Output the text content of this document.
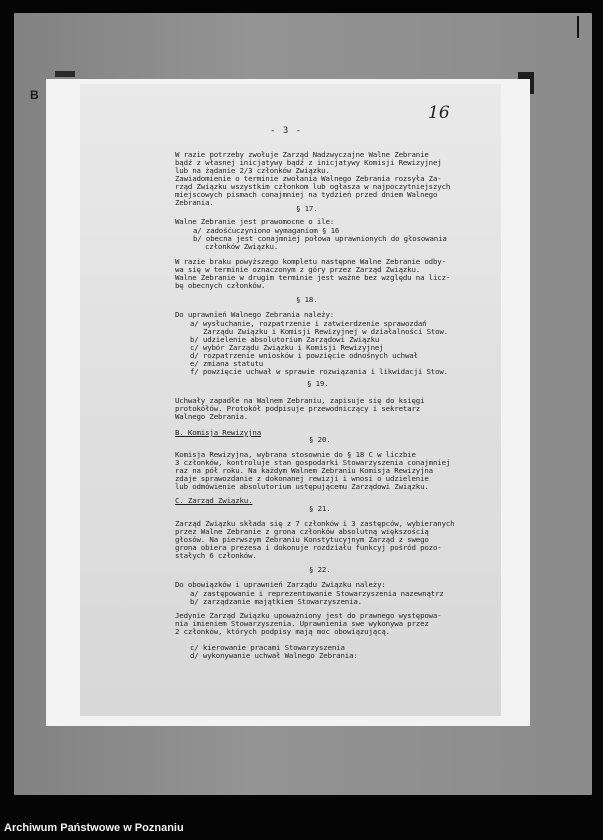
B
16
- 3 -
W razie potrzeby zwołuje Zarząd Nadzwyczajne Walne Zebranie
bądź z własnej inicjatywy bądź z inicjatywy Komisji Rewizyjnej
lub na żądanie 2/3 członków Związku.
Zawiadomienie o terminie zwołania Walnego Zebrania rozsyła Za-
rząd Związku wszystkim członkom lub ogłasza w najpoczytniejszych
miejscowych pismach conajmniej na tydzień przed dniem Walnego
Zebrania.
§ 17.
Walne Zebranie jest prawomocne o ile:
a/ zadośćuczyniono wymaganiom § 16
b/ obecna jest conajmniej połowa uprawnionych do głosowania
członków Związku.
W razie braku powyższego kompletu następne Walne Zebranie odby-
wa się w terminie oznaczonym z góry przez Zarząd Związku.
Walne Zebranie w drugim terminie jest ważne bez względu na licz-
bę obecnych członków.
§ 18.
Do uprawnień Walnego Zebrania należy:
a/ wysłuchanie, rozpatrzenie i zatwierdzenie sprawozdań
Zarządu Związku i Komisji Rewizyjnej w działalności Stow.
b/ udzielenie absolutorium Zarządowi Związku
c/ wybór Zarządu Związku i Komisji Rewizyjnej
d/ rozpatrzenie wniosków i powzięcie odnośnych uchwał
e/ zmiana statutu
f/ powzięcie uchwał w sprawie rozwiązania i likwidacji Stow.
§ 19.
Uchwały zapadłe na Walnem Zebraniu, zapisuje się do księgi
protokółów. Protokół podpisuje przewodniczący i sekretarz
Walnego Zebrania.
B. Komisja Rewizyjna
§ 20.
Komisja Rewizyjna, wybrana stosownie do § 18 C w liczbie
3 członków, kontroluje stan gospodarki Stowarzyszenia conajmniej
raz na pół roku. Na każdym Walnem Zebraniu Komisja Rewizyjna
zdaje sprawozdanie z dokonanej rewizji i wnosi o udzielenie
lub odmówienie absolutorium ustępującemu Zarządowi Związku.
C. Zarząd Związku.
§ 21.
Zarząd Związku składa się z 7 członków i 3 zastępców, wybieranych
przez Walne Zebranie z grona członków absolutną większością
głosów. Na pierwszym Zebraniu Konstytucyjnym Zarząd z swego
grona obiera prezesa i dokonuje rozdziału funkcyj pośród pozo-
stałych 6 członków.
§ 22.
Do obowiązków i uprawnień Zarządu Związku należy:
a/ zastępowanie i reprezentowanie Stowarzyszenia nazewnątrz
b/ zarządzanie majątkiem Stowarzyszenia.
Jedynie Zarząd Związku upoważniony jest do prawnego występowa-
nia imieniem Stowarzyszenia. Uprawnienia swe wykonywa przez
2 członków, których podpisy mają moc obowiązującą.
c/ kierowanie pracami Stowarzyszenia
d/ wykonywanie uchwał Walnego Zebrania:
Archiwum Państwowe w Poznaniu
